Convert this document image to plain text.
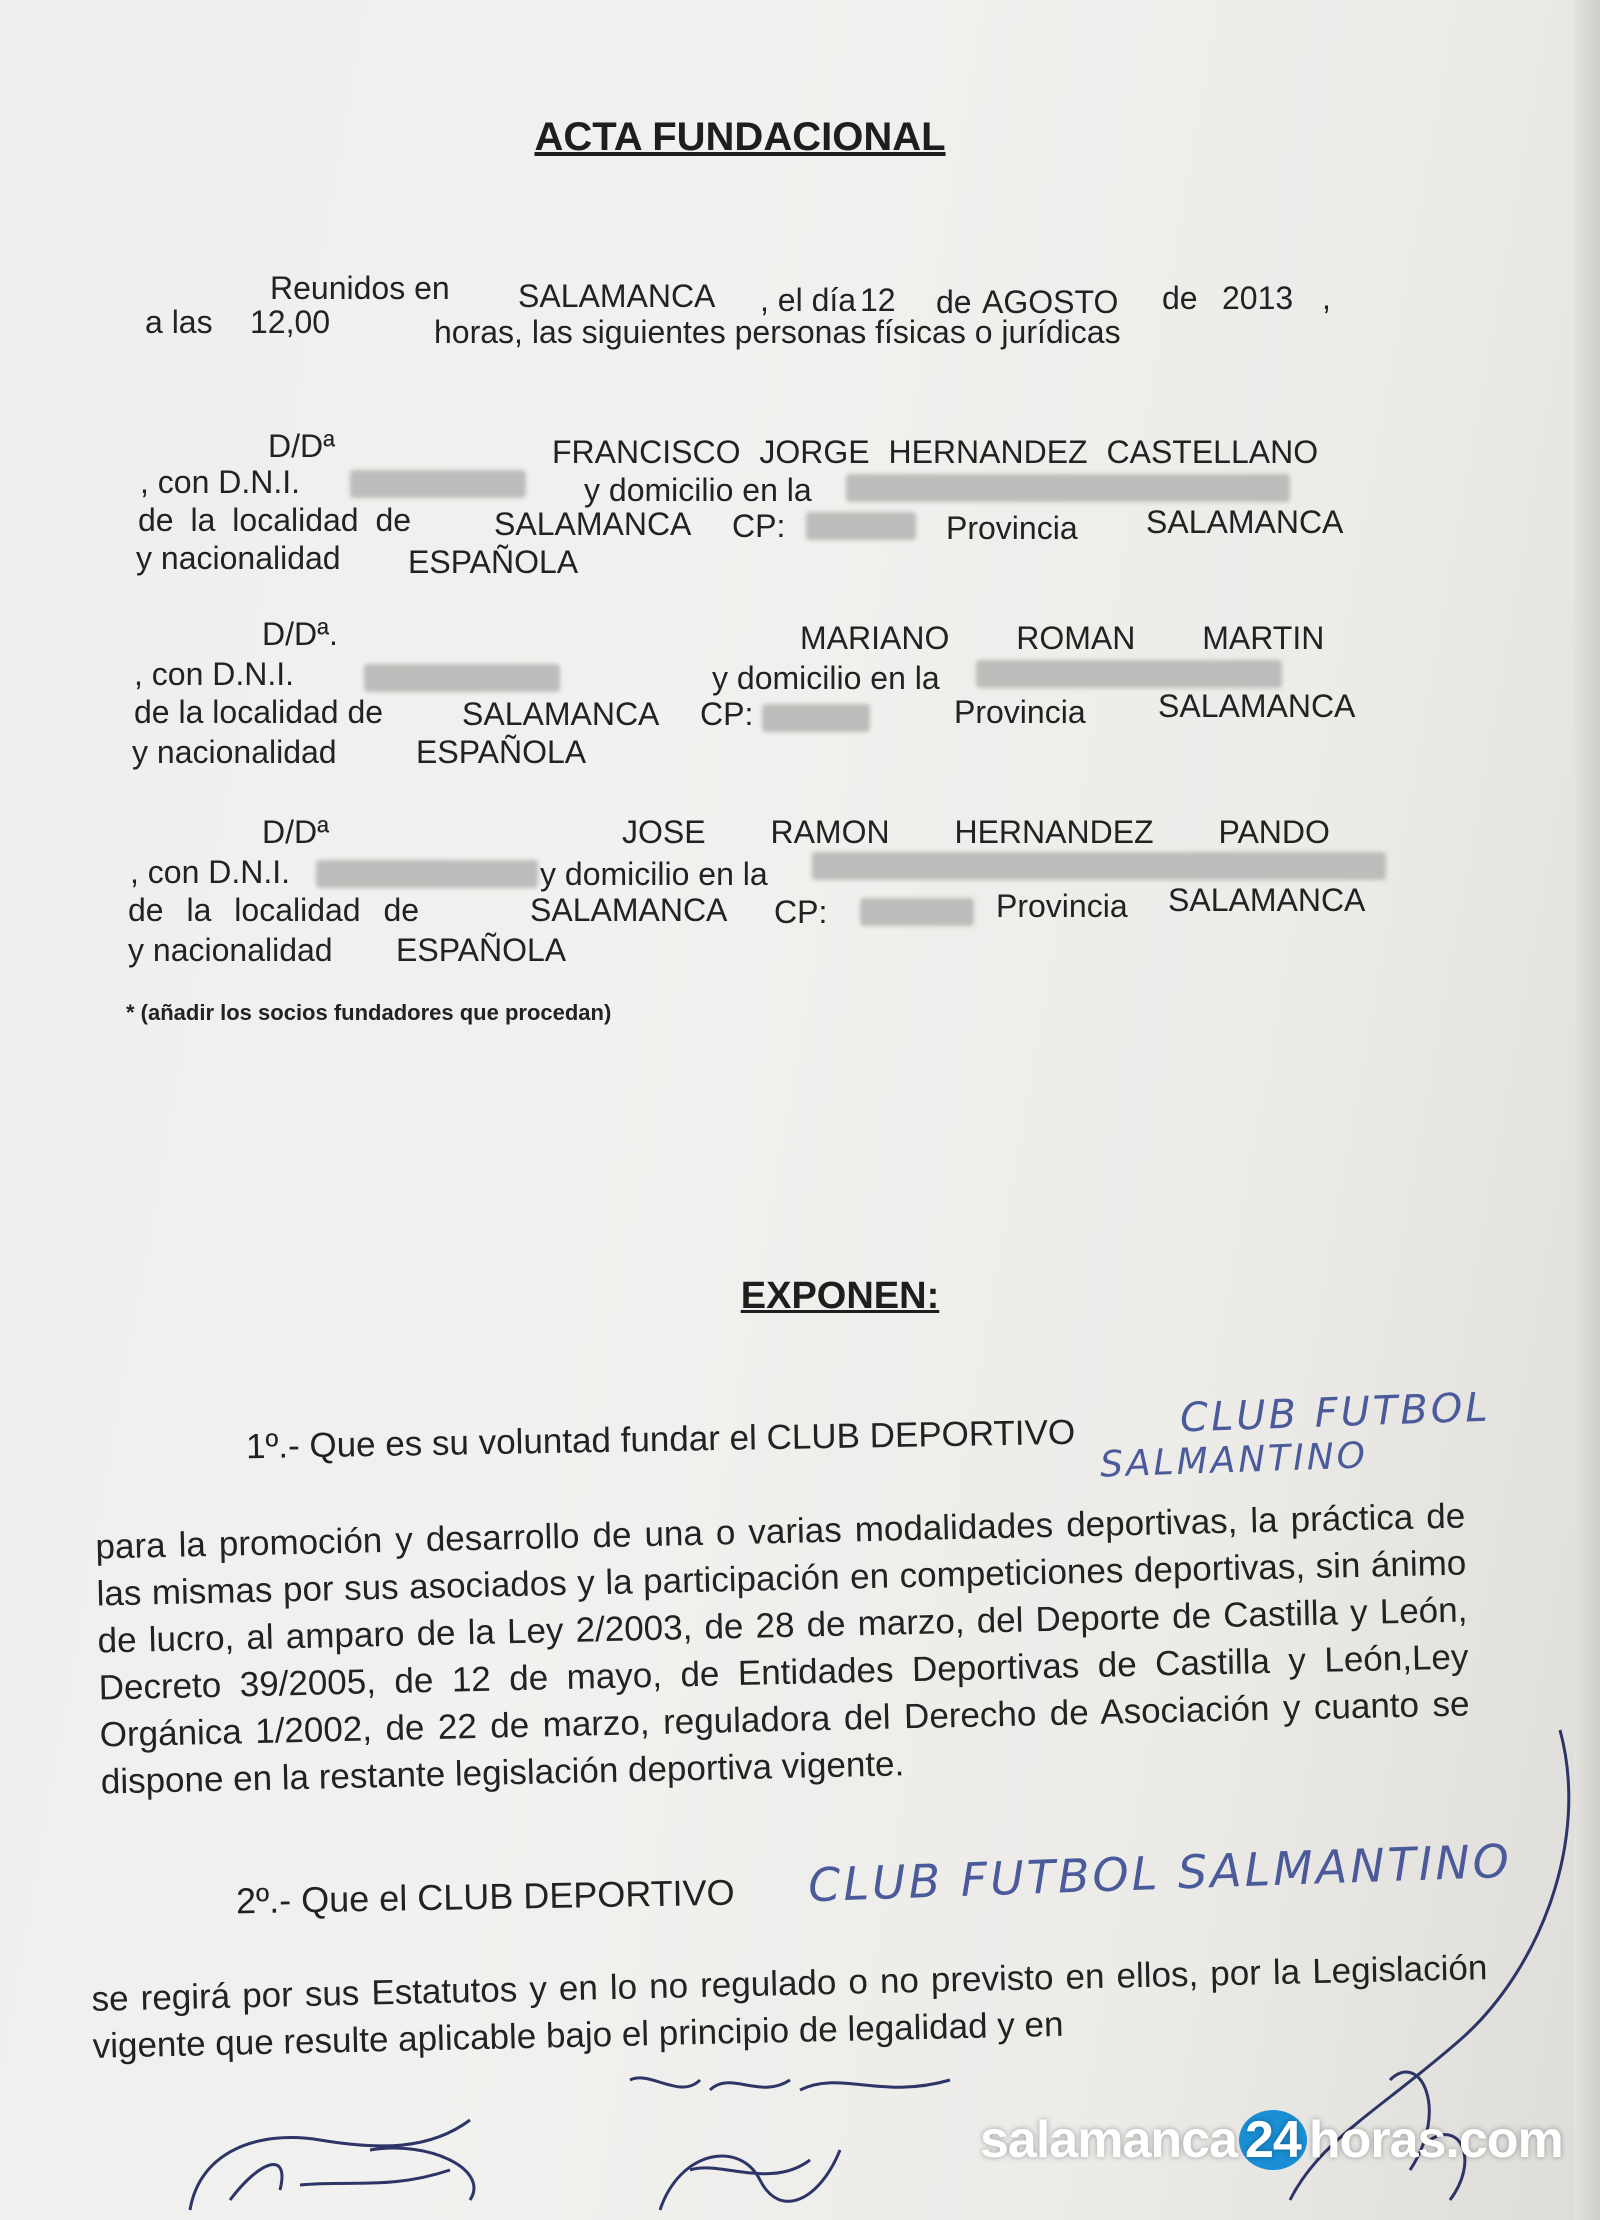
ACTA FUNDACIONAL
Reunidos en SALAMANCA , el día 12 de AGOSTO de 2013 ,
a las 12,00	horas, las siguientes personas físicas o jurídicas
D/Dª	FRANCISCO JORGE HERNANDEZ CASTELLANO
, con D.N.I.	y domicilio en la
de la localidad de	SALAMANCA CP:	Provincia SALAMANCA
y nacionalidad ESPAÑOLA
D/Dª.	MARIANO ROMAN MARTIN
, con D.N.I.	y domicilio en la
de la localidad de SALAMANCA CP:	Provincia SALAMANCA
y nacionalidad ESPAÑOLA
D/Dª	JOSE RAMON HERNANDEZ PANDO
, con D.N.I.	y domicilio en la
de la localidad de	SALAMANCA CP:	Provincia SALAMANCA
y nacionalidad ESPAÑOLA
* (añadir los socios fundadores que procedan)
EXPONEN:
1º.- Que es su voluntad fundar el CLUB DEPORTIVO	CLUB FUTBOL
SALMANTINO
para la promoción y desarrollo de una o varias modalidades deportivas, la práctica de las mismas por sus asociados y la participación en competiciones deportivas, sin ánimo de lucro, al amparo de la Ley 2/2003, de 28 de marzo, del Deporte de Castilla y León, Decreto 39/2005, de 12 de mayo, de Entidades Deportivas de Castilla y León,Ley Orgánica 1/2002, de 22 de marzo, reguladora del Derecho de Asociación y cuanto se dispone en la restante legislación deportiva vigente.
2º.- Que el CLUB DEPORTIVO CLUB FUTBOL SALMANTINO
se regirá por sus Estatutos y en lo no regulado o no previsto en ellos, por la Legislación vigente que resulte aplicable bajo el principio de legalidad y en
salamanca 24 horas.com
